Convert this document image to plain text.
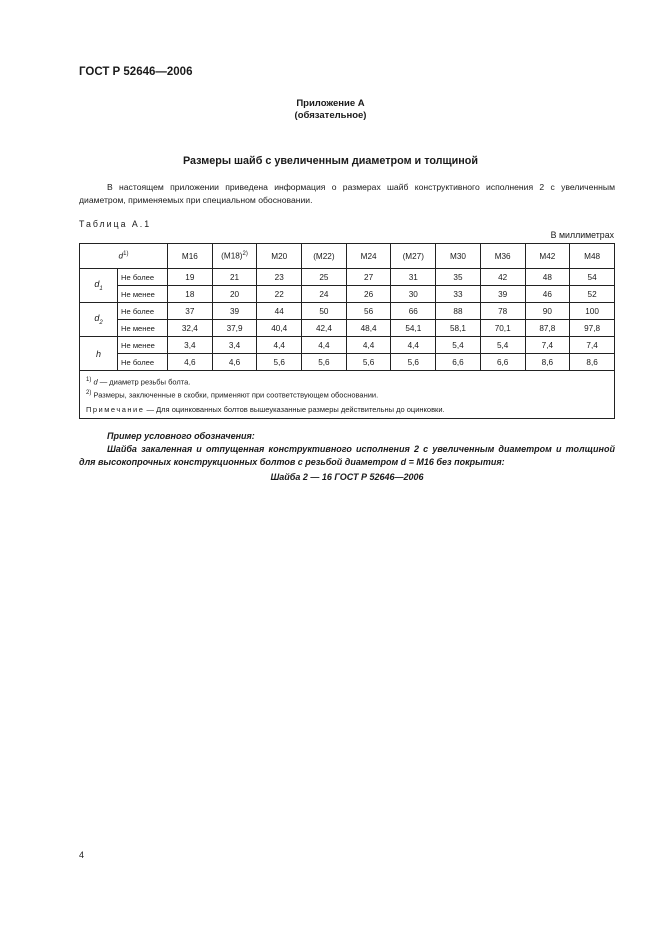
ГОСТ Р 52646—2006
Приложение А
(обязательное)
Размеры шайб с увеличенным диаметром и толщиной
В настоящем приложении приведена информация о размерах шайб конструктивного исполнения 2 с увеличенным диаметром, применяемых при специальном обосновании.
Таблица А.1
В миллиметрах
$d^{1)}$		М16	$(М18)^{2)}$	М20	(М22)	М24	(М27)	М30	М36	М42	М48
$d_1$	Не более	19	21	23	25	27	31	35	42	48	54
	Не менее	18	20	22	24	26	30	33	39	46	52
$d_2$	Не более	37	39	44	50	56	66	88	78	90	100
	Не менее	32,4	37,9	40,4	42,4	48,4	54,1	58,1	70,1	87,8	97,8
h	Не менее	3,4	3,4	4,4	4,4	4,4	4,4	5,4	5,4	7,4	7,4
	Не более	4,6	4,6	5,6	5,6	5,6	5,6	6,6	6,6	8,6	8,6

$^{1)}$ d — диаметр резьбы болта.
$^{2)}$ Размеры, заключенные в скобки, применяют при соответствующем обосновании.
Примечание — Для оцинкованных болтов вышеуказанные размеры действительны до оцинковки.											
Пример условного обозначения:
Шайба закаленная и отпущенная конструктивного исполнения 2 с увеличенным диаметром и толщиной для высокопрочных конструкционных болтов с резьбой диаметром d = М16 без покрытия:
Шайба 2 — 16 ГОСТ Р 52646—2006
4
